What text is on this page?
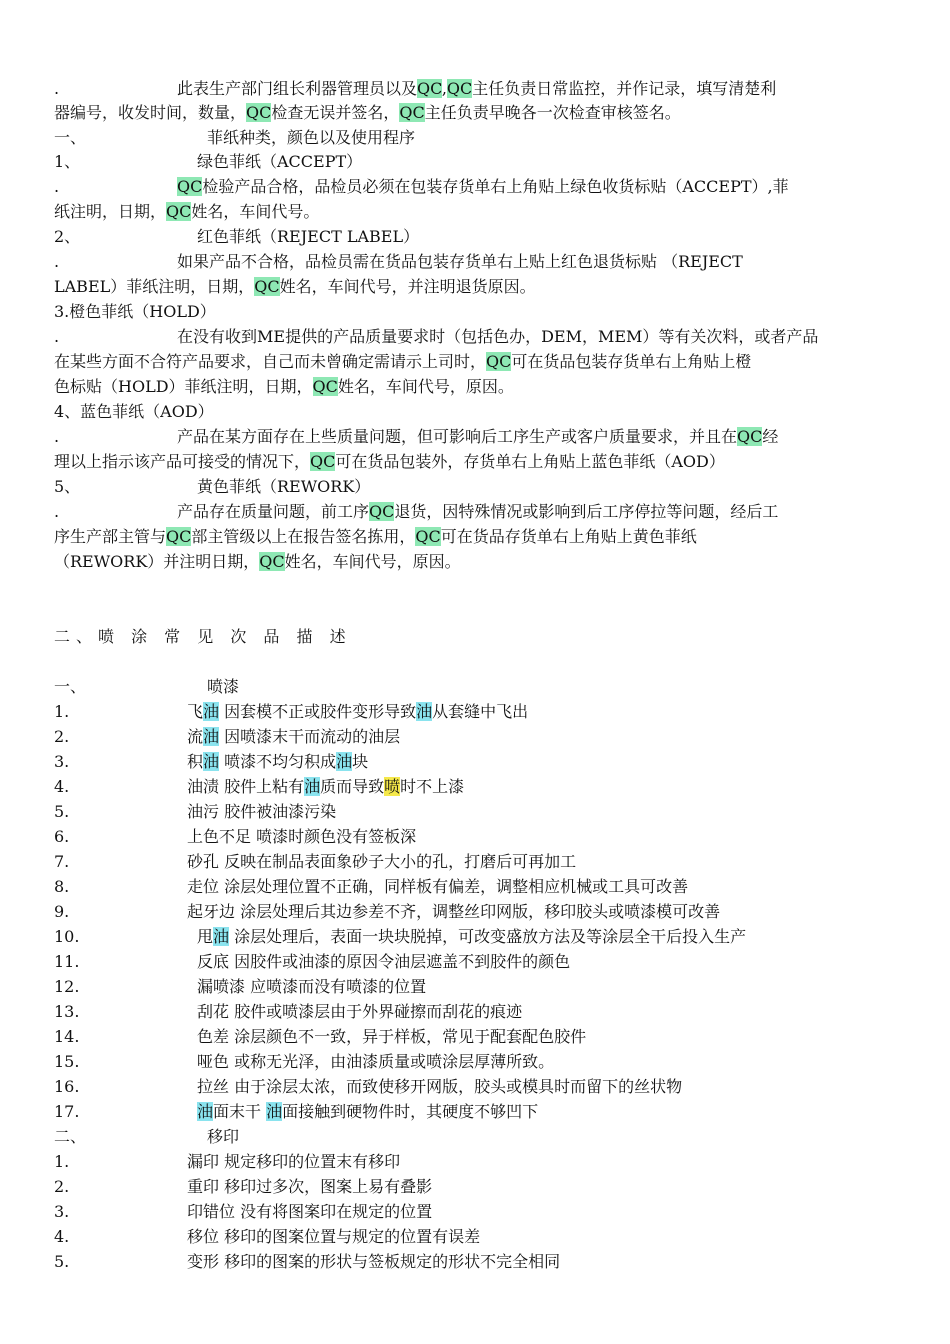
.	此表生产部门组长利器管理员以及QC,QC主任负责日常监控，并作记录，填写清楚利
器编号，收发时间，数量，QC检查无误并签名，QC主任负责早晚各一次检查审核签名。
一、	菲纸种类，颜色以及使用程序
1、	绿色菲纸（ACCEPT）
.	QC检验产品合格，品检员必须在包装存货单右上角贴上绿色收货标贴（ACCEPT）,菲
纸注明，日期，QC姓名，车间代号。
2、	红色菲纸（REJECT LABEL）
.	如果产品不合格，品检员需在货品包装存货单右上贴上红色退货标贴 （REJECT
LABEL）菲纸注明，日期，QC姓名，车间代号，并注明退货原因。
3.橙色菲纸（HOLD）
.	在没有收到ME提供的产品质量要求时（包括色办，DEM，MEM）等有关次料，或者产品
在某些方面不合符产品要求，自己而未曾确定需请示上司时，QC可在货品包装存货单右上角贴上橙
色标贴（HOLD）菲纸注明，日期，QC姓名，车间代号，原因。
4、蓝色菲纸（AOD）
.	产品在某方面存在上些质量问题，但可影响后工序生产或客户质量要求，并且在QC经
理以上指示该产品可接受的情况下，QC可在货品包装外，存货单右上角贴上蓝色菲纸（AOD）
5、	黄色菲纸（REWORK）
.	产品存在质量问题，前工序QC退货，因特殊情况或影响到后工序停拉等问题，经后工
序生产部主管与QC部主管级以上在报告签名拣用，QC可在货品存货单右上角贴上黄色菲纸
（REWORK）并注明日期，QC姓名，车间代号，原因。
二、喷 涂 常 见 次 品 描 述
一、	喷漆
1.	飞油 因套模不正或胶件变形导致油从套缝中飞出
2.	流油 因喷漆末干而流动的油层
3.	积油 喷漆不均匀积成油块
4.	油渍 胶件上粘有油质而导致喷时不上漆
5.	油污 胶件被油漆污染
6.	上色不足 喷漆时颜色没有签板深
7.	砂孔 反映在制品表面象砂子大小的孔，打磨后可再加工
8.	走位 涂层处理位置不正确，同样板有偏差，调整相应机械或工具可改善
9.	起牙边 涂层处理后其边参差不齐，调整丝印网版，移印胶头或喷漆模可改善
10.	甩油 涂层处理后，表面一块块脱掉，可改变盛放方法及等涂层全干后投入生产
11.	反底 因胶件或油漆的原因令油层遮盖不到胶件的颜色
12.	漏喷漆 应喷漆而没有喷漆的位置
13.	刮花 胶件或喷漆层由于外界碰擦而刮花的痕迹
14.	色差 涂层颜色不一致，异于样板，常见于配套配色胶件
15.	哑色 或称无光泽，由油漆质量或喷涂层厚薄所致。
16.	拉丝 由于涂层太浓，而致使移开网版，胶头或模具时而留下的丝状物
17.	油面末干 油面接触到硬物件时，其硬度不够凹下
二、	移印
1.	漏印 规定移印的位置末有移印
2.	重印 移印过多次，图案上易有叠影
3.	印错位 没有将图案印在规定的位置
4.	移位 移印的图案位置与规定的位置有误差
5.	变形 移印的图案的形状与签板规定的形状不完全相同
